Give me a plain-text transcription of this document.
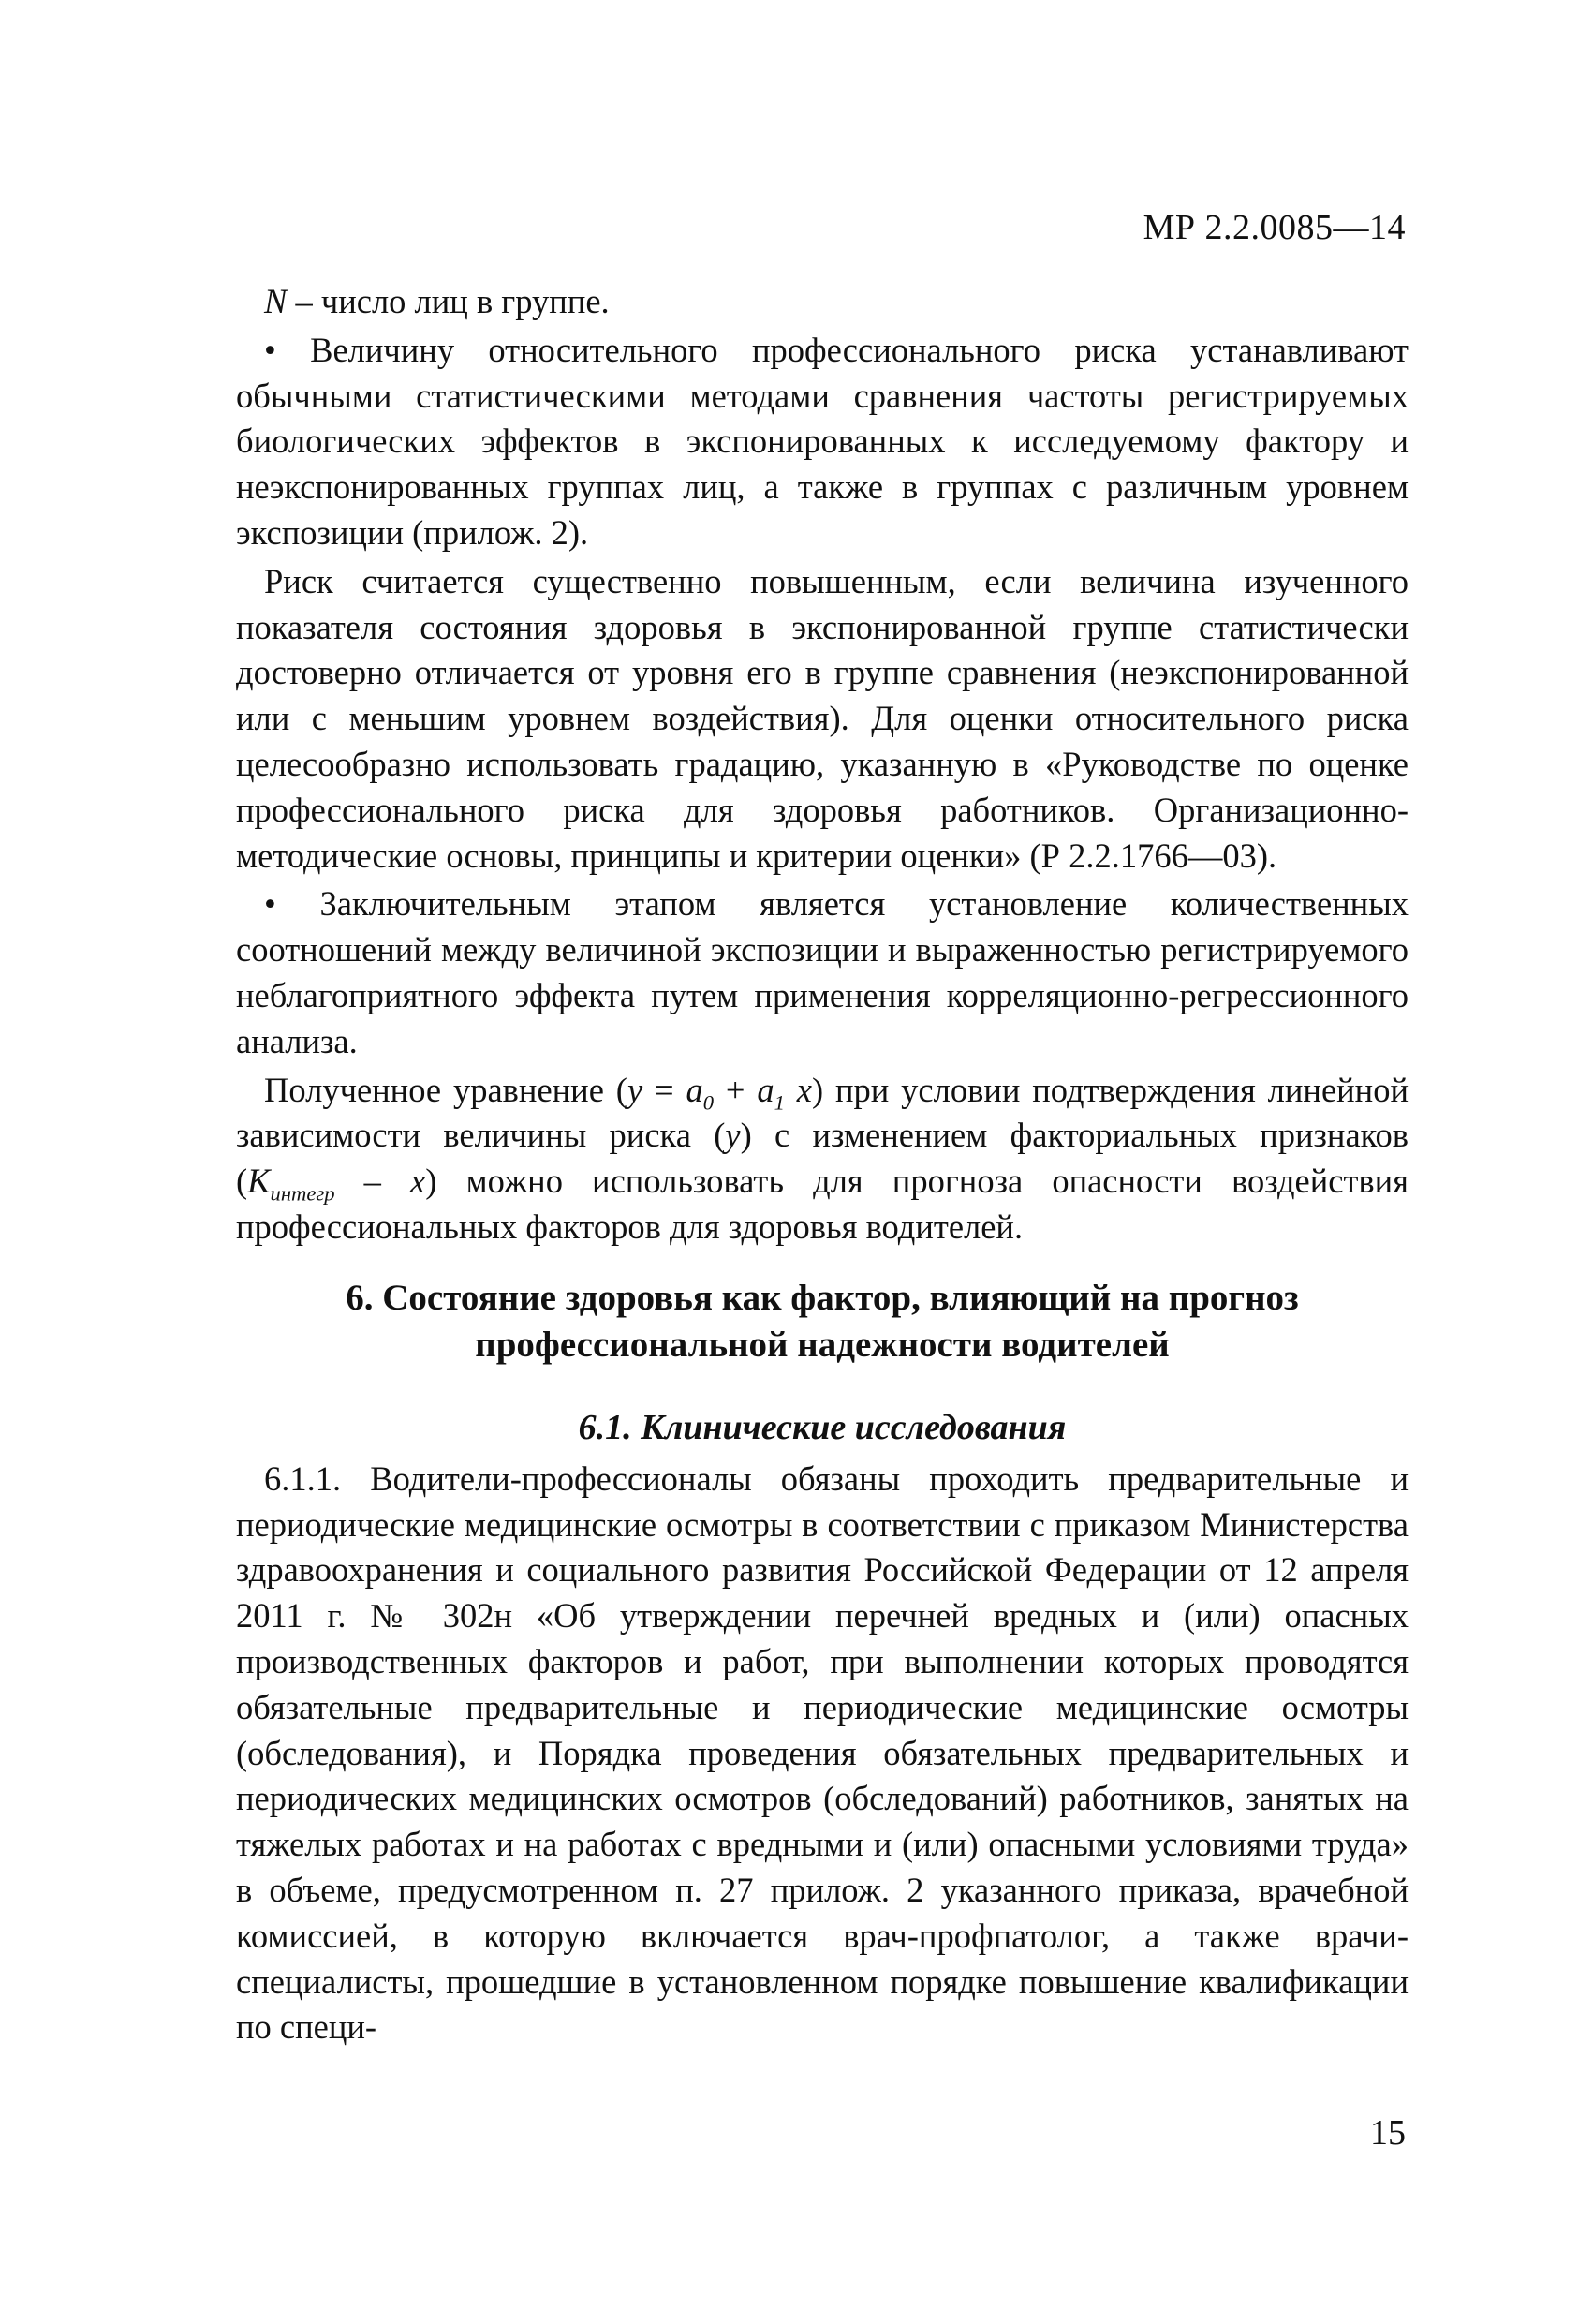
МР 2.2.0085—14

N – число лиц в группе.

• Величину относительного профессионального риска устанавливают обычными статистическими методами сравнения частоты регистрируемых биологических эффектов в экспонированных к исследуемому фактору и неэкспонированных группах лиц, а также в группах с различным уровнем экспозиции (прилож. 2).

Риск считается существенно повышенным, если величина изученного показателя состояния здоровья в экспонированной группе статистически достоверно отличается от уровня его в группе сравнения (неэкспонированной или с меньшим уровнем воздействия). Для оценки относительного риска целесообразно использовать градацию, указанную в «Руководстве по оценке профессионального риска для здоровья работников. Организационно-методические основы, принципы и критерии оценки» (Р 2.2.1766—03).

• Заключительным этапом является установление количественных соотношений между величиной экспозиции и выраженностью регистрируемого неблагоприятного эффекта путем применения корреляционно-регрессионного анализа.

Полученное уравнение ($y = a_0 + a_1$ x) при условии подтверждения линейной зависимости величины риска (y) с изменением факториальных признаков $(K_{интегр} - x)$ можно использовать для прогноза опасности воздействия профессиональных факторов для здоровья водителей.

6. Состояние здоровья как фактор, влияющий на прогноз
профессиональной надежности водителей
6.1. Клинические исследования

6.1.1. Водители-профессионалы обязаны проходить предварительные и периодические медицинские осмотры в соответствии с приказом Министерства здравоохранения и социального развития Российской Федерации от 12 апреля 2011 г. № 302н «Об утверждении перечней вредных и (или) опасных производственных факторов и работ, при выполнении которых проводятся обязательные предварительные и периодические медицинские осмотры (обследования), и Порядка проведения обязательных предварительных и периодических медицинских осмотров (обследований) работников, занятых на тяжелых работах и на работах с вредными и (или) опасными условиями труда» в объеме, предусмотренном п. 27 прилож. 2 указанного приказа, врачебной комиссией, в которую включается врач-профпатолог, а также врачи-специалисты, прошедшие в установленном порядке повышение квалификации по специ-

15
